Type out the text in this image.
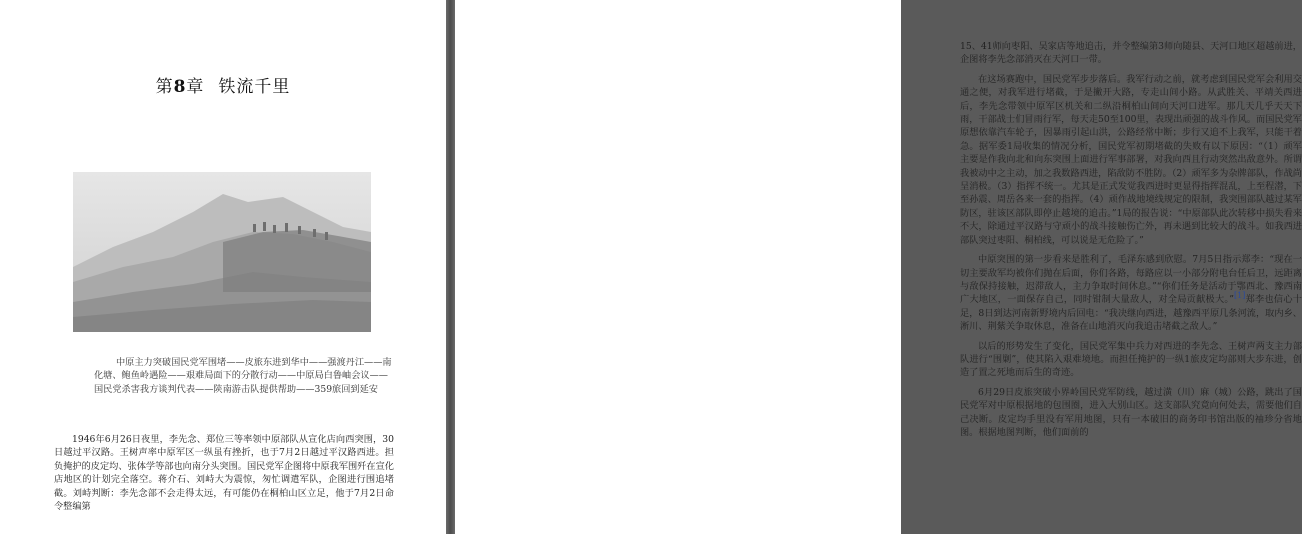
第8章 铁流千里
中原主力突破国民党军围堵——皮旅东进到华中——强渡丹江——南化塘、鲍鱼岭遇险——艰难局面下的分散行动——中原局白鲁岫会议——国民党杀害我方谈判代表——陕南游击队提供帮助——359旅回到延安

1946年6月26日夜里，李先念、郑位三等率领中原部队从宣化店向西突围，30日越过平汉路。王树声率中原军区一纵虽有挫折，也于7月2日越过平汉路西进。担负掩护的皮定均、张体学等部也向南分头突围。国民党军企图将中原我军围歼在宣化店地区的计划完全落空。蒋介石、刘峙大为震惊，匆忙调遣军队，企图进行围追堵截。刘峙判断：李先念部不会走得太远，有可能仍在桐柏山区立足，他于7月2日命令整编第

15、41师向枣阳、吴家店等地追击，并令整编第3师向随县、天河口地区超越前进，企图将李先念部消灭在天河口一带。

在这场赛跑中，国民党军步步落后。我军行动之前，就考虑到国民党军会利用交通之便，对我军进行堵截，于是撇开大路，专走山间小路。从武胜关、平靖关西进后，李先念带领中原军区机关和二纵沿桐柏山间向天河口进军。那几天几乎天天下雨，干部战士们冒雨行军，每天走50至100里，表现出顽强的战斗作风。而国民党军原想依靠汽车轮子，因暴雨引起山洪，公路经常中断；步行又追不上我军，只能干着急。据军委1局收集的情况分析，国民党军初期堵截的失败有以下原因：“（1）顽军主要是作我向北和向东突围上面进行军事部署，对我向西且行动突然出敌意外。所谓我被动中之主动，加之我数路西进，陷敌防不胜防。（2）顽军多为杂牌部队，作战尚呈消极。（3）指挥不统一。尤其是正式发觉我西进时更显得指挥混乱，上至程潜，下至孙震、周岳各来一套的指挥。（4）顽作战地境线规定的限制，我突围部队越过某军防区，驻该区部队即停止越境的追击。”1局的报告说：“中原部队此次转移中损失看来不大，除通过平汉路与守顽小的战斗接触伤亡外，再未遇到比较大的战斗。如我西进部队突过枣阳、桐柏线，可以说是无危险了。”

中原突围的第一步看来是胜利了，毛泽东感到欣慰。7月5日指示郑李：“现在一切主要敌军均被你们抛在后面，你们各路，每路应以一小部分附电台任后卫，远距离与敌保持接触，迟滞敌人，主力争取时间休息。”“你们任务是活动于鄂西北、豫西南广大地区，一面保存自己，同时钳制大量敌人，对全局贡献极大。”[1]郑李也信心十足，8日到达河南新野境内后回电：“我决继向西进，越豫西平原几条河流，取内乡、淅川、荆紫关争取休息，准备在山地消灭向我追击堵截之敌人。”

以后的形势发生了变化，国民党军集中兵力对西进的李先念、王树声两支主力部队进行“围剿”，使其陷入艰难境地。而担任掩护的一纵1旅皮定均部则大步东进，创造了置之死地而后生的奇迹。

6月29日皮旅突破小界岭国民党军防线，越过潢（川）麻（城）公路，跳出了国民党军对中原根据地的包围圈，进入大别山区。这支部队究竟向何处去，需要他们自己决断。皮定均手里没有军用地图，只有一本破旧的商务印书馆出版的袖珍分省地图。根据地图判断，他们面前的
